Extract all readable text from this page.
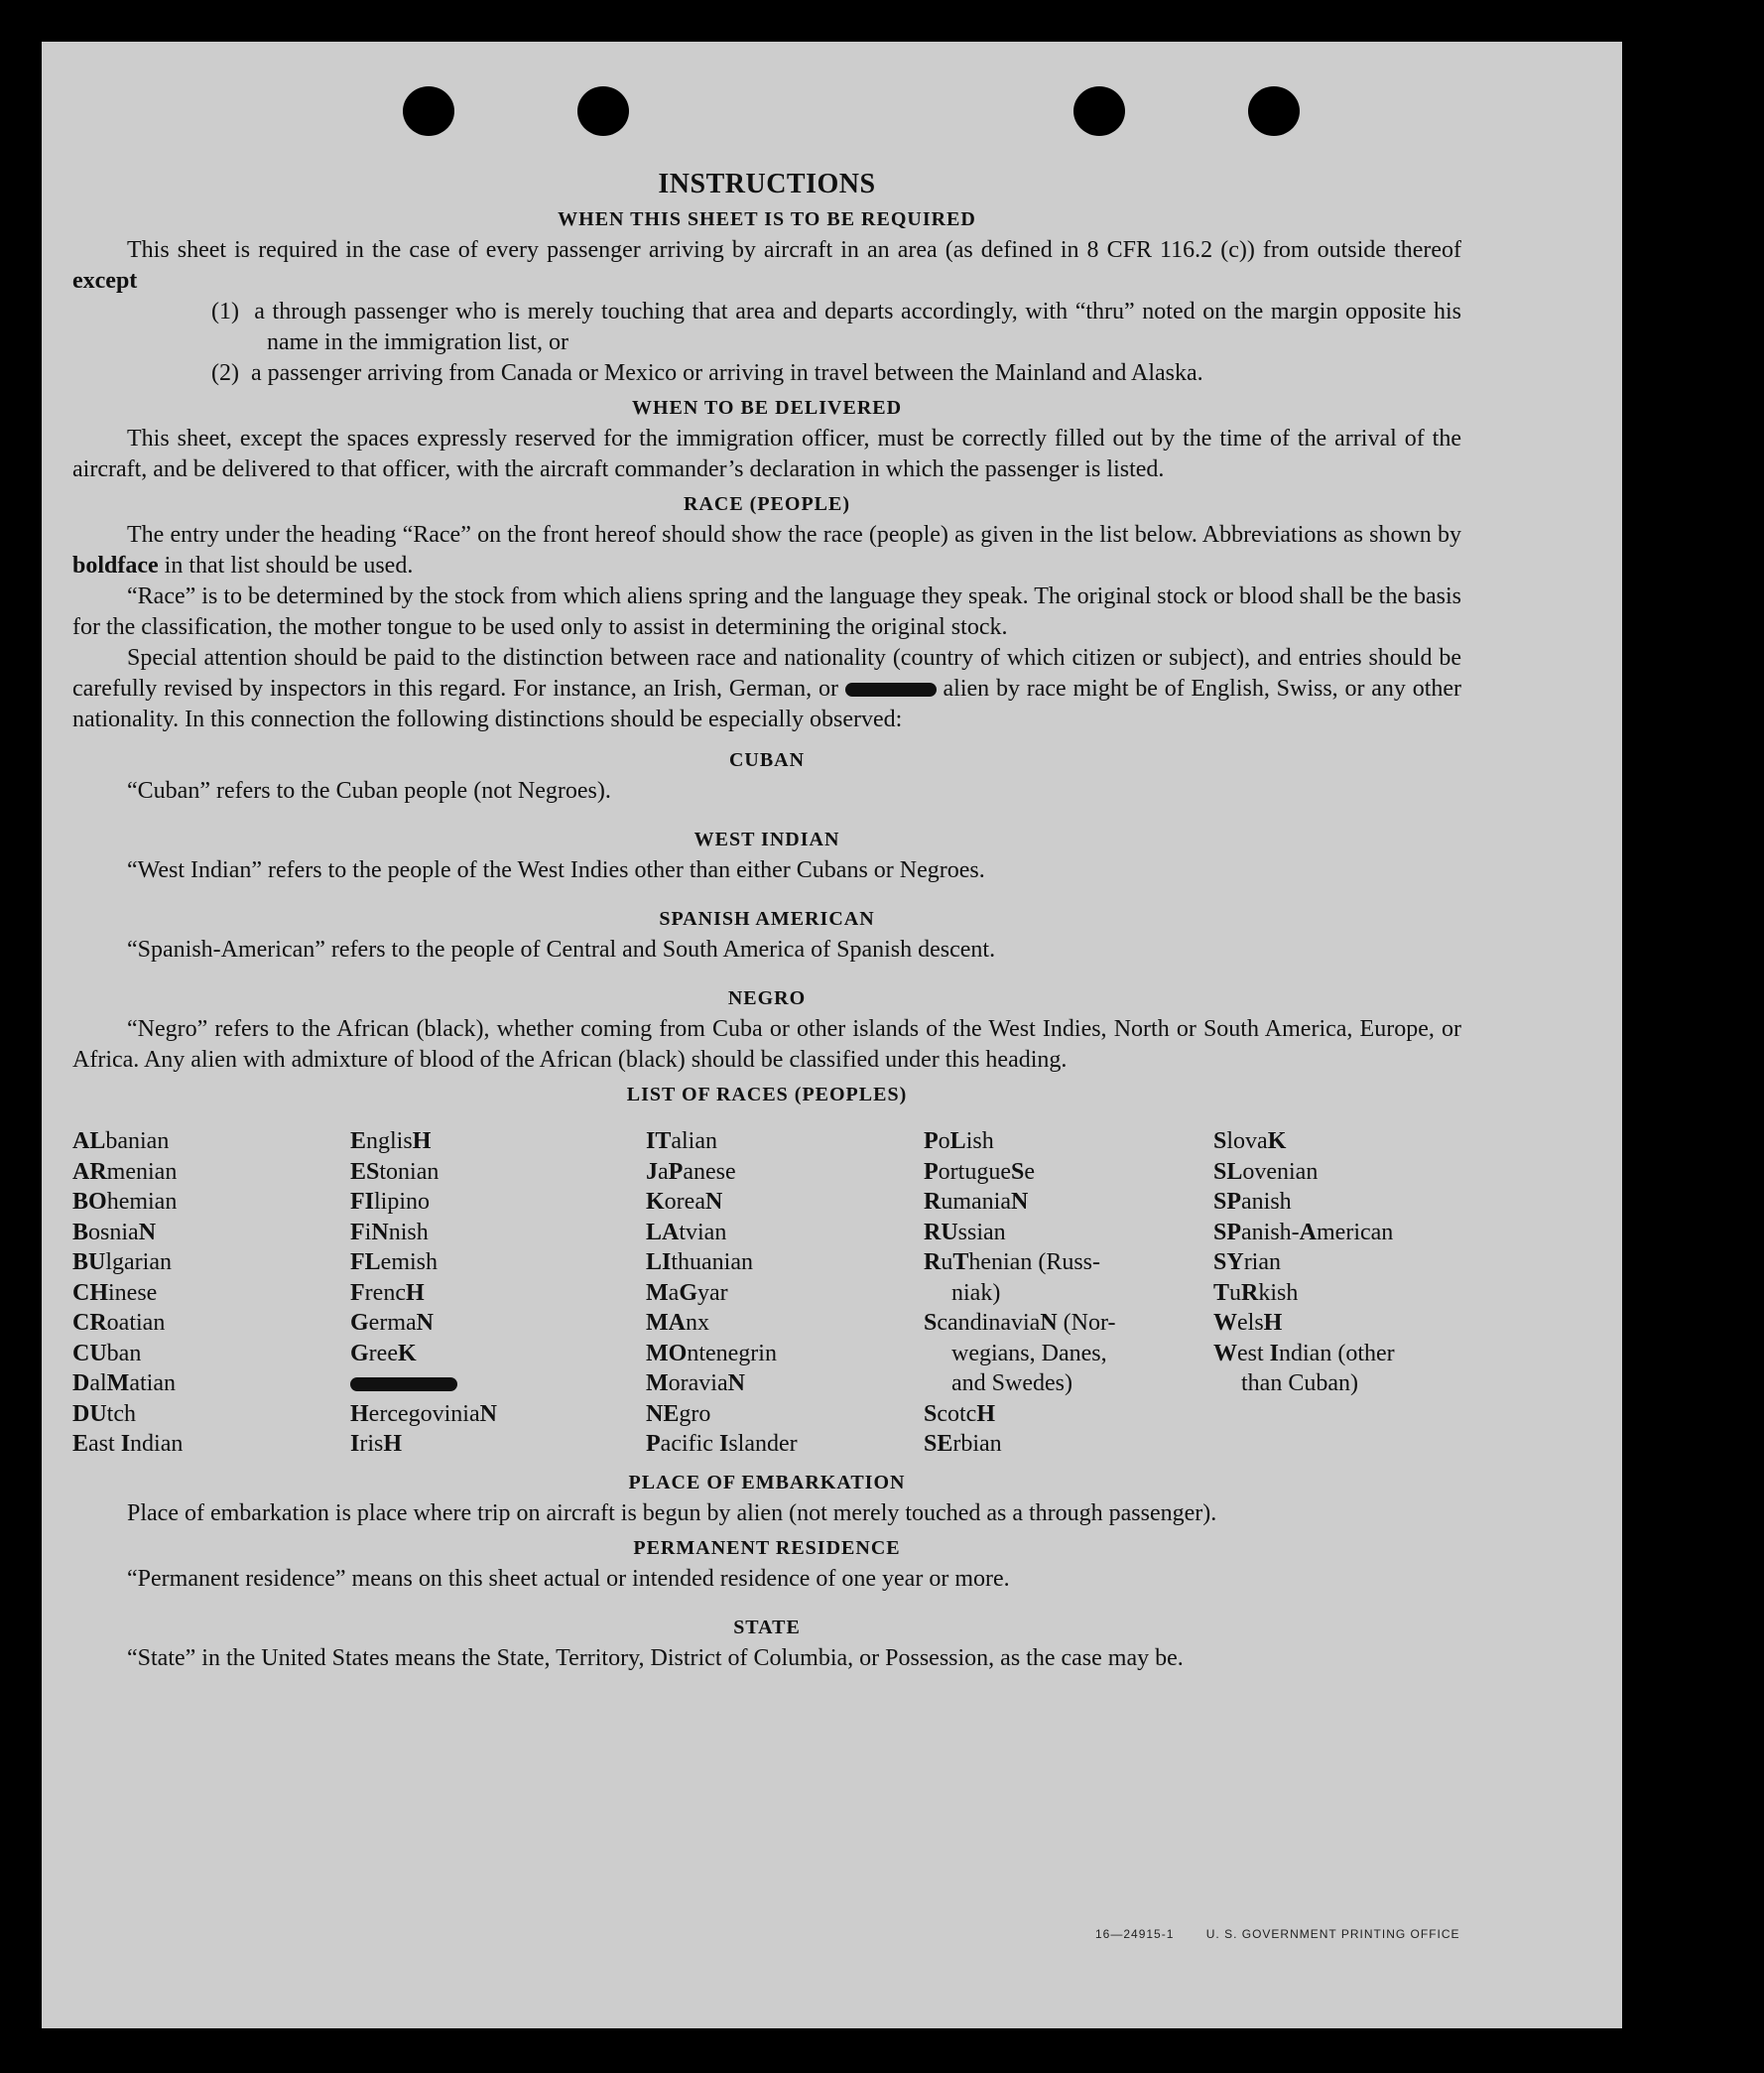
INSTRUCTIONS
WHEN THIS SHEET IS TO BE REQUIRED

This sheet is required in the case of every passenger arriving by aircraft in an area (as defined in 8 CFR 116.2 (c)) from outside thereof except

(1) a through passenger who is merely touching that area and departs accordingly, with “thru” noted on the margin opposite his name in the immigration list, or

(2) a passenger arriving from Canada or Mexico or arriving in travel between the Mainland and Alaska.

WHEN TO BE DELIVERED

This sheet, except the spaces expressly reserved for the immigration officer, must be correctly filled out by the time of the arrival of the aircraft, and be delivered to that officer, with the aircraft commander’s declaration in which the passenger is listed.

RACE (PEOPLE)

The entry under the heading “Race” on the front hereof should show the race (people) as given in the list below. Abbreviations as shown by boldface in that list should be used.

“Race” is to be determined by the stock from which aliens spring and the language they speak. The original stock or blood shall be the basis for the classification, the mother tongue to be used only to assist in determining the original stock.

Special attention should be paid to the distinction between race and nationality (country of which citizen or subject), and entries should be carefully revised by inspectors in this regard. For instance, an Irish, German, or	alien by race might be of English, Swiss, or any other nationality. In this connection the following distinctions should be especially observed:

CUBAN

“Cuban” refers to the Cuban people (not Negroes).

WEST INDIAN

“West Indian” refers to the people of the West Indies other than either Cubans or Negroes.

SPANISH AMERICAN

“Spanish-American” refers to the people of Central and South America of Spanish descent.

NEGRO

“Negro” refers to the African (black), whether coming from Cuba or other islands of the West Indies, North or South America, Europe, or Africa. Any alien with admixture of blood of the African (black) should be classified under this heading.

LIST OF RACES (PEOPLES)
ALbanian
ARmenian
BOhemian
BosniaN
BUlgarian
CHinese
CRoatian
CUban
DalMatian
DUtch
East Indian
EnglisH
EStonian
FIlipino
FiNnish
FLemish
FrencH
GermaN
GreeK
HercegoviniaN
IrisH
ITalian
JaPanese
KoreaN
LAtvian
LIthuanian
MaGyar
MAnx
MOntenegrin
MoraviaN
NEgro
Pacific Islander
PoLish
PortugueSe
RumaniaN
RUssian
RuThenian (Russ-
niak)
ScandinaviaN (Nor-
wegians, Danes,
and Swedes)
ScotcH
SErbian
SlovaK
SLovenian
SPanish
SPanish-American
SYrian
TuRkish
WelsH
West Indian (other
than Cuban)
PLACE OF EMBARKATION

Place of embarkation is place where trip on aircraft is begun by alien (not merely touched as a through passenger).

PERMANENT RESIDENCE

“Permanent residence” means on this sheet actual or intended residence of one year or more.

STATE

“State” in the United States means the State, Territory, District of Columbia, or Possession, as the case may be.

16—24915-1	U. S. GOVERNMENT PRINTING OFFICE
